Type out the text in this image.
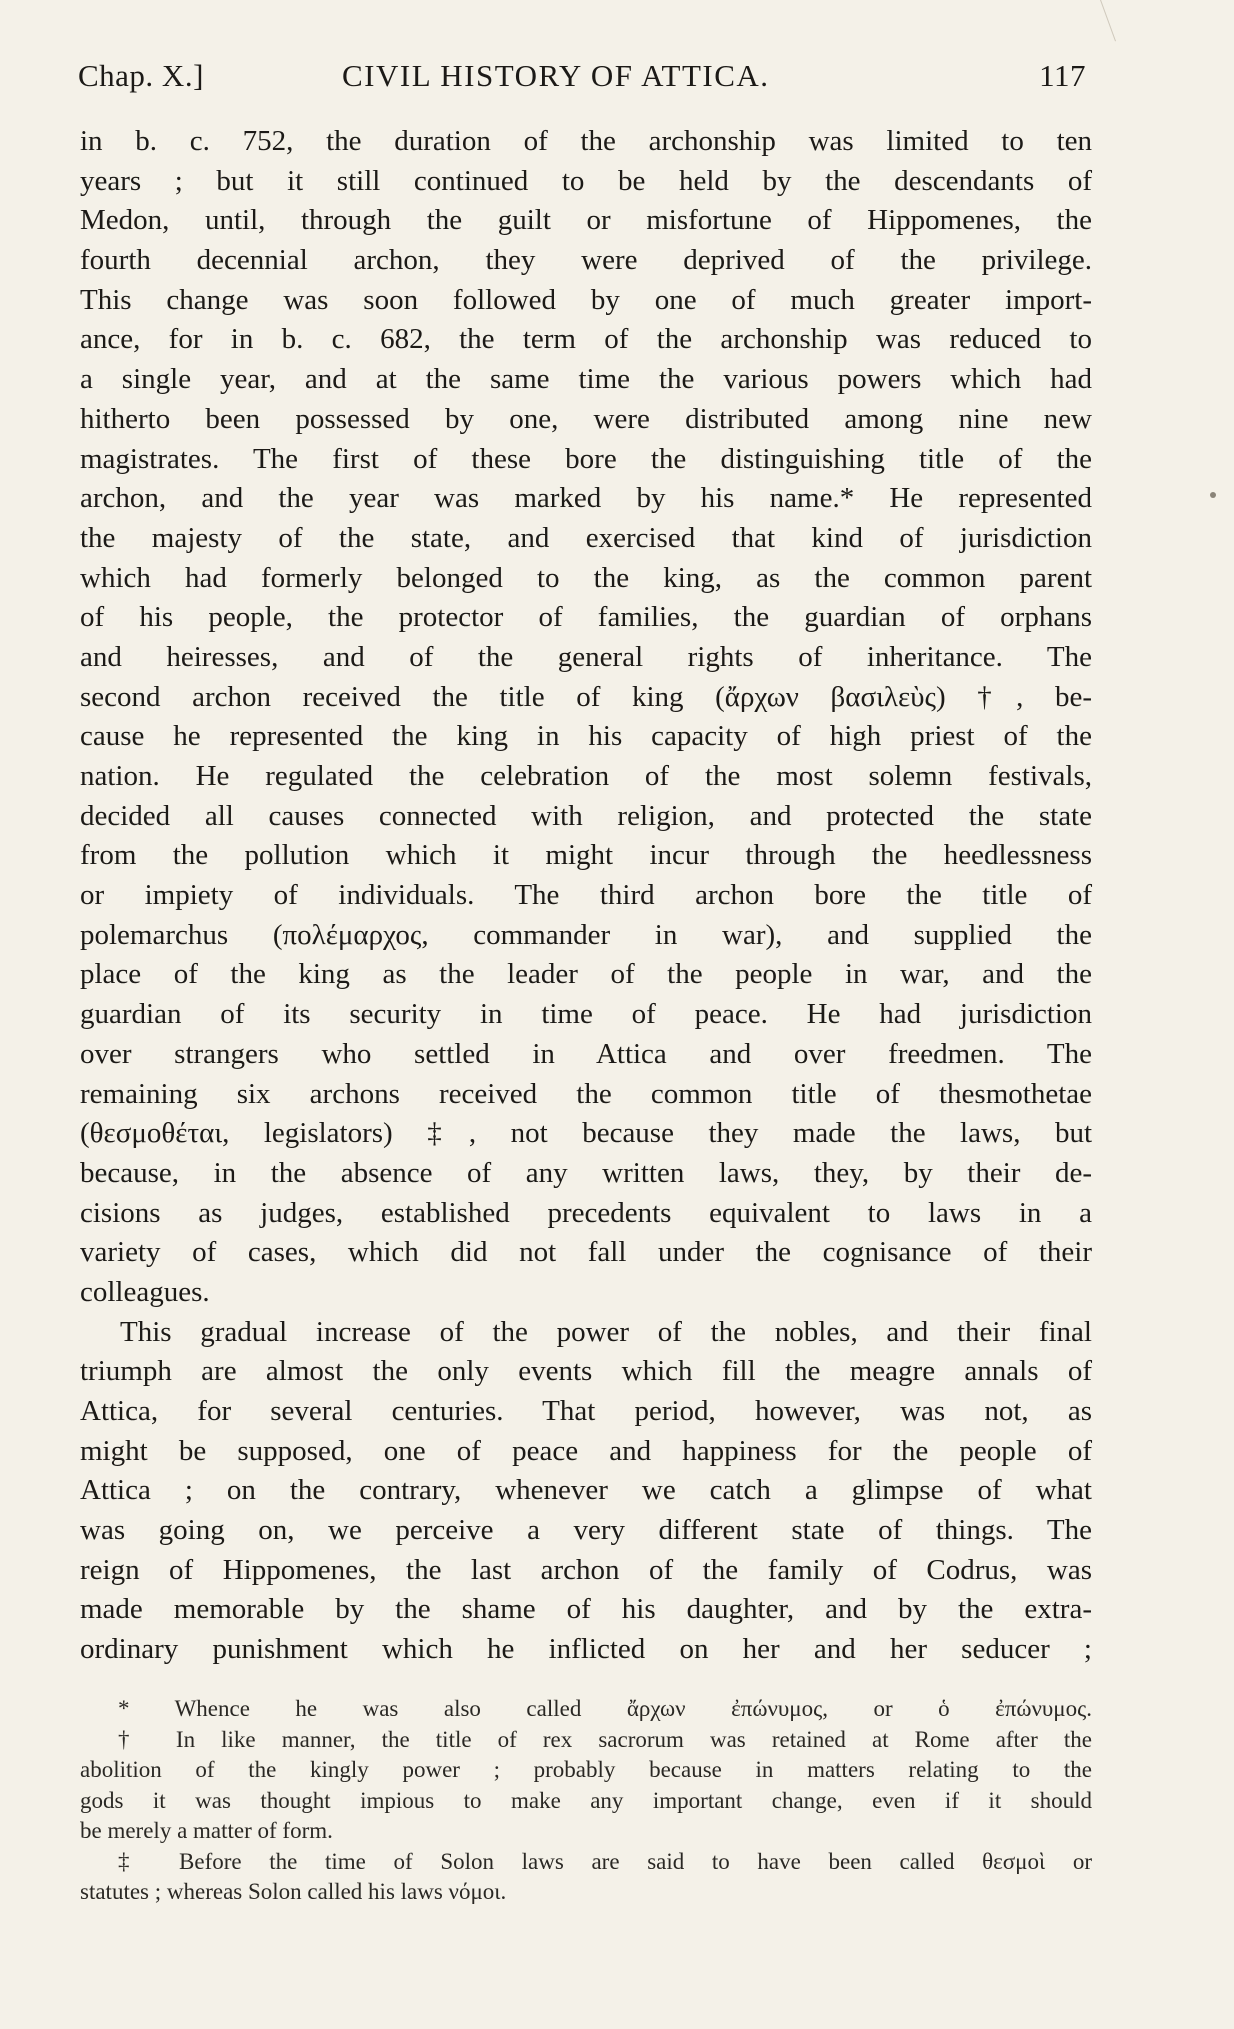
Chap. X.]	CIVIL HISTORY OF ATTICA.	117
in b. c. 752, the duration of the archonship was limited to ten
years ; but it still continued to be held by the descendants of
Medon, until, through the guilt or misfortune of Hippomenes, the
fourth decennial archon, they were deprived of the privilege.
This change was soon followed by one of much greater import-
ance, for in b. c. 682, the term of the archonship was reduced to
a single year, and at the same time the various powers which had
hitherto been possessed by one, were distributed among nine new
magistrates. The first of these bore the distinguishing title of the
archon, and the year was marked by his name.* He represented
the majesty of the state, and exercised that kind of jurisdiction
which had formerly belonged to the king, as the common parent
of his people, the protector of families, the guardian of orphans
and heiresses, and of the general rights of inheritance. The
second archon received the title of king (ἄρχων βασιλεὺς) †, be-
cause he represented the king in his capacity of high priest of the
nation. He regulated the celebration of the most solemn festivals,
decided all causes connected with religion, and protected the state
from the pollution which it might incur through the heedlessness
or impiety of individuals. The third archon bore the title of
polemarchus (πολέμαρχος, commander in war), and supplied the
place of the king as the leader of the people in war, and the
guardian of its security in time of peace. He had jurisdiction
over strangers who settled in Attica and over freedmen. The
remaining six archons received the common title of thesmothetae
(θεσμοθέται, legislators) ‡, not because they made the laws, but
because, in the absence of any written laws, they, by their de-
cisions as judges, established precedents equivalent to laws in a
variety of cases, which did not fall under the cognisance of their
colleagues.
This gradual increase of the power of the nobles, and their final
triumph are almost the only events which fill the meagre annals of
Attica, for several centuries. That period, however, was not, as
might be supposed, one of peace and happiness for the people of
Attica ; on the contrary, whenever we catch a glimpse of what
was going on, we perceive a very different state of things. The
reign of Hippomenes, the last archon of the family of Codrus, was
made memorable by the shame of his daughter, and by the extra-
ordinary punishment which he inflicted on her and her seducer ;
* Whence he was also called ἄρχων ἐπώνυμος, or ὁ ἐπώνυμος.
† In like manner, the title of rex sacrorum was retained at Rome after the
abolition of the kingly power ; probably because in matters relating to the
gods it was thought impious to make any important change, even if it should
be merely a matter of form.
‡ Before the time of Solon laws are said to have been called θεσμοὶ or
statutes ; whereas Solon called his laws νόμοι.
